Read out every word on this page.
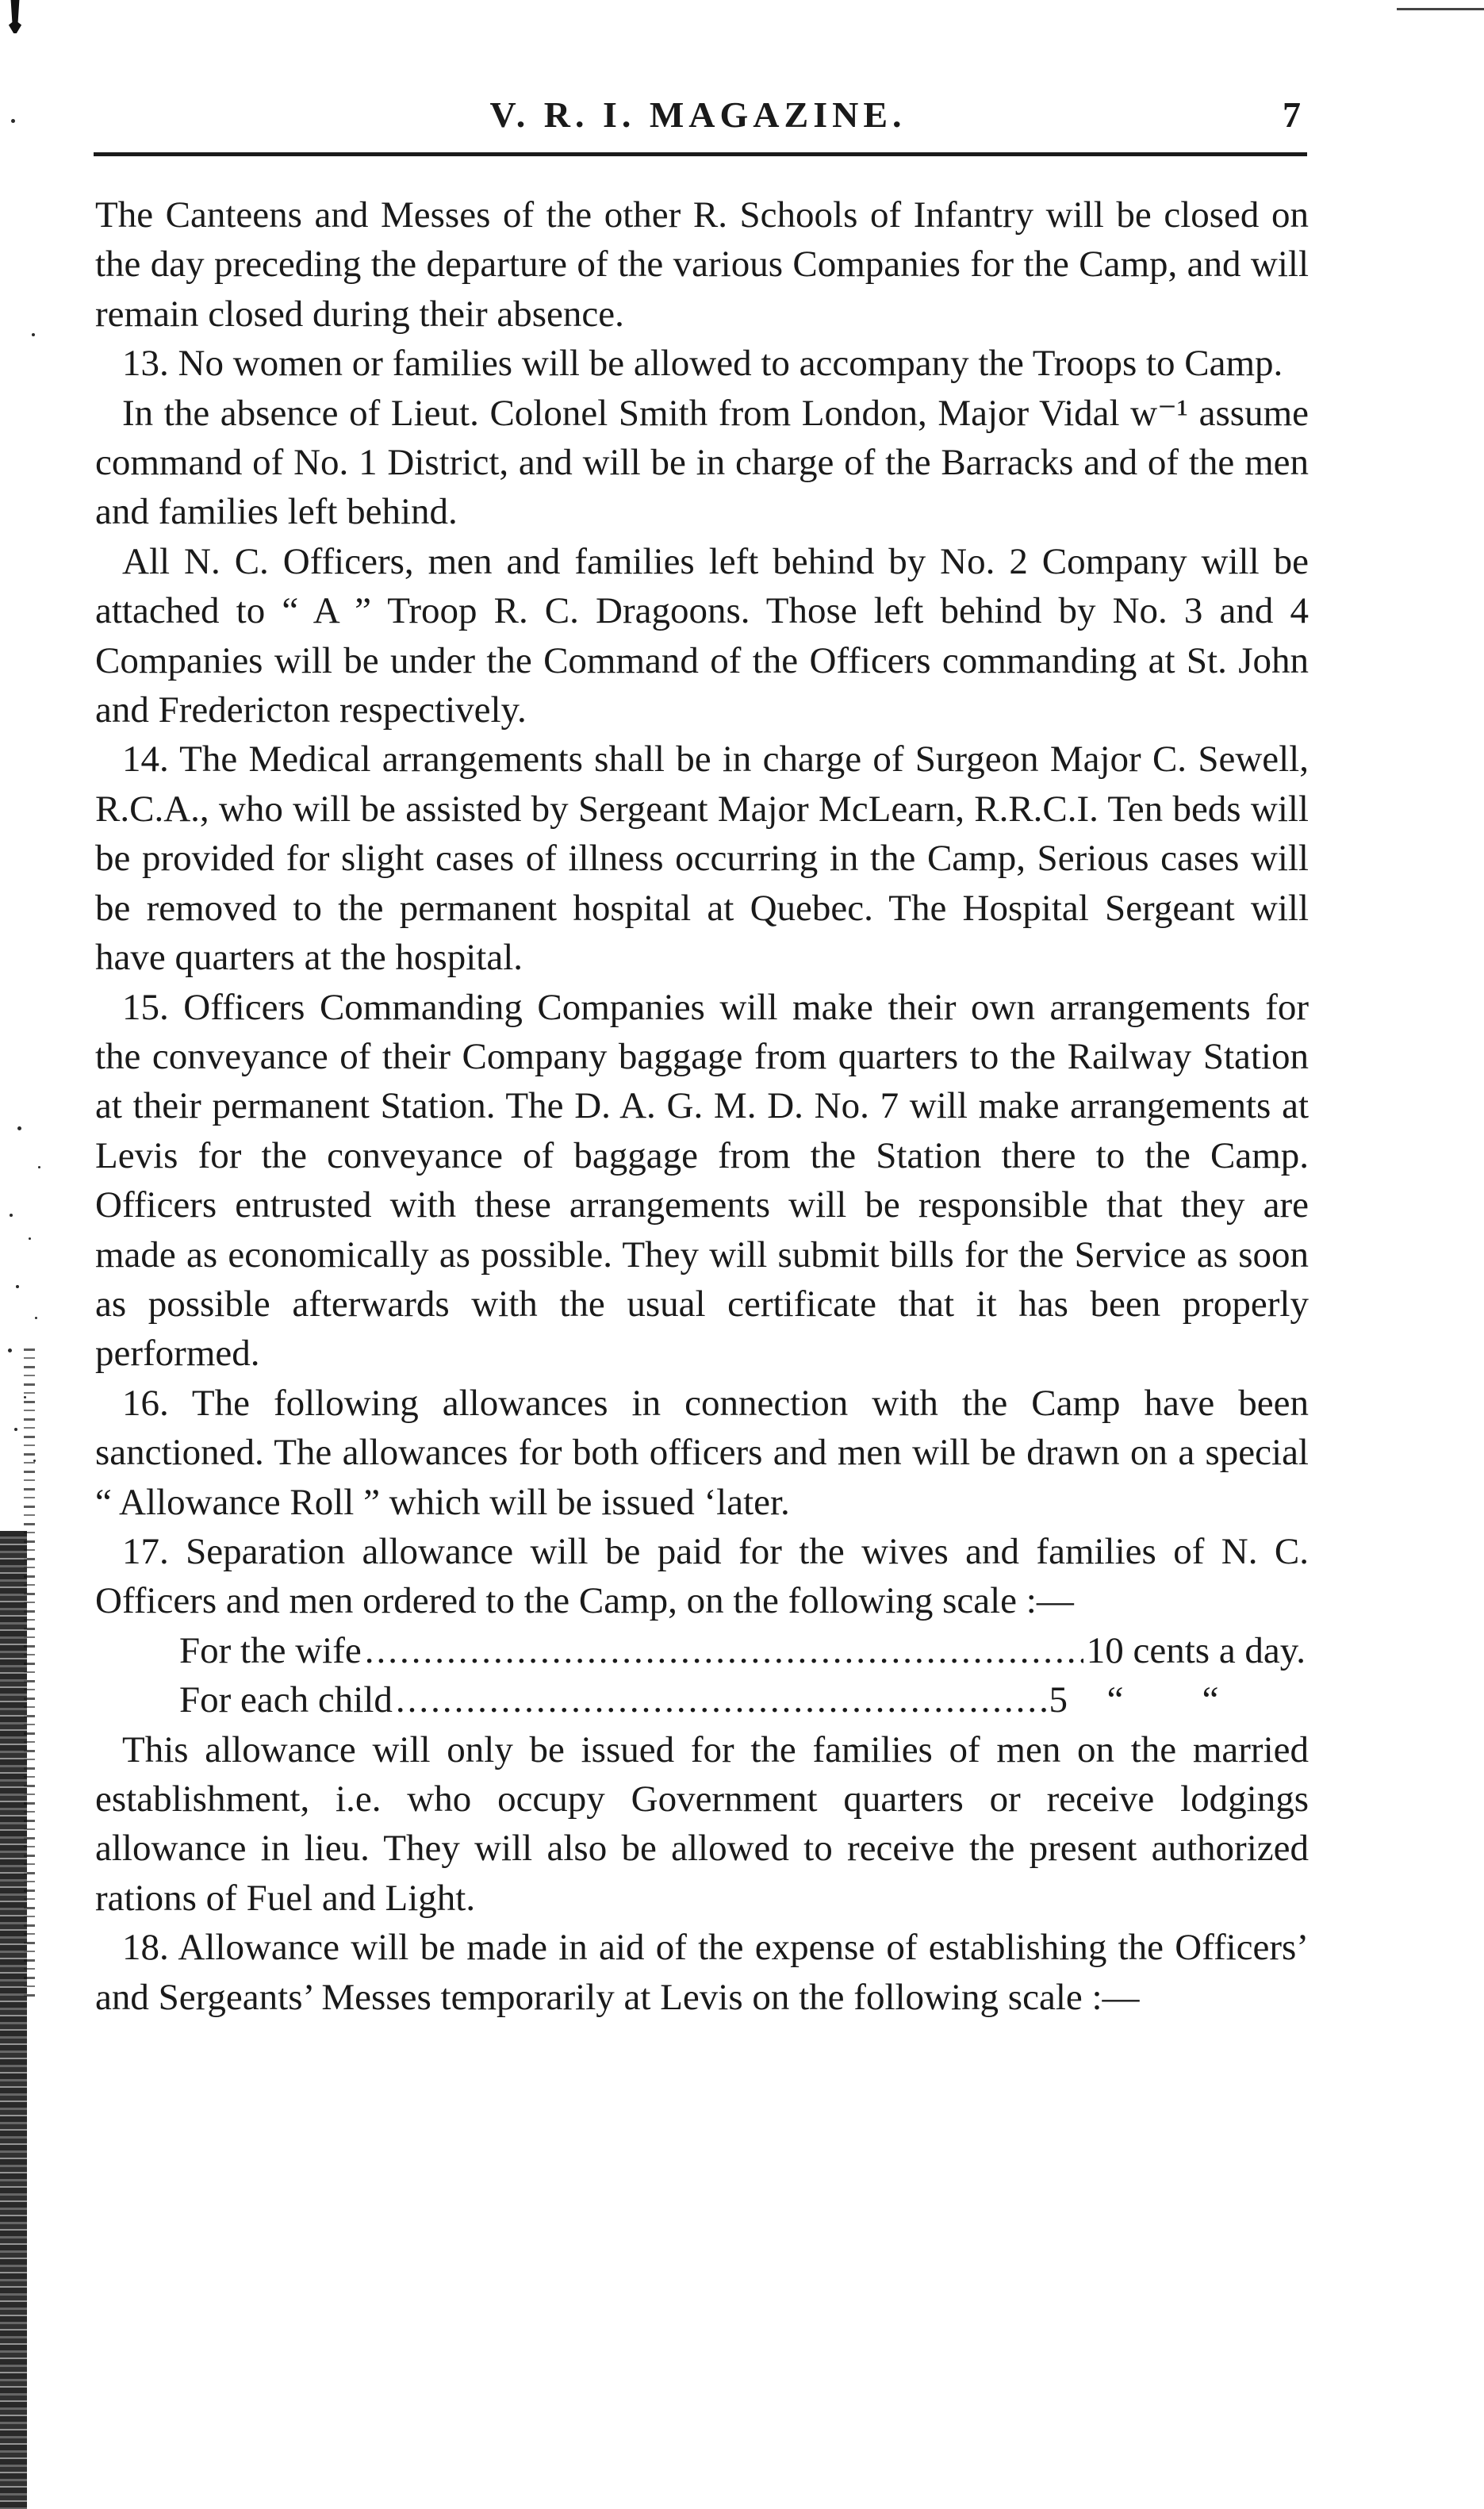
V. R. I. MAGAZINE.	7

The Canteens and Messes of the other R. Schools of Infantry will be closed on the day preceding the departure of the various Companies for the Camp, and will remain closed during their absence.

13. No women or families will be allowed to accompany the Troops to Camp.

In the absence of Lieut. Colonel Smith from London, Major Vidal w⁻¹ assume command of No. 1 District, and will be in charge of the Barracks and of the men and families left behind.

All N. C. Officers, men and families left behind by No. 2 Company will be attached to “ A ” Troop R. C. Dragoons. Those left behind by No. 3 and 4 Companies will be under the Command of the Officers commanding at St. John and Fredericton respectively.

14. The Medical arrangements shall be in charge of Surgeon Major C. Sewell, R.C.A., who will be assisted by Sergeant Major McLearn, R.R.C.I. Ten beds will be provided for slight cases of illness occurring in the Camp, Serious cases will be removed to the permanent hospital at Quebec. The Hospital Sergeant will have quarters at the hospital.

15. Officers Commanding Companies will make their own arrangements for the conveyance of their Company baggage from quarters to the Railway Station at their permanent Station. The D. A. G. M. D. No. 7 will make arrangements at Levis for the conveyance of baggage from the Station there to the Camp. Officers entrusted with these arrangements will be responsible that they are made as economically as possible. They will submit bills for the Service as soon as possible afterwards with the usual certificate that it has been properly performed.

16. The following allowances in connection with the Camp have been sanctioned. The allowances for both officers and men will be drawn on a special “ Allowance Roll ” which will be issued ‘later.

17. Separation allowance will be paid for the wives and families of N. C. Officers and men ordered to the Camp, on the following scale :—

For the wife .....	10 cents a day.
For each child .....	5	“	“

This allowance will only be issued for the families of men on the married establishment, i.e. who occupy Government quarters or receive lodgings allowance in lieu. They will also be allowed to receive the present authorized rations of Fuel and Light.

18. Allowance will be made in aid of the expense of establishing the Officers’ and Sergeants’ Messes temporarily at Levis on the following scale :—
